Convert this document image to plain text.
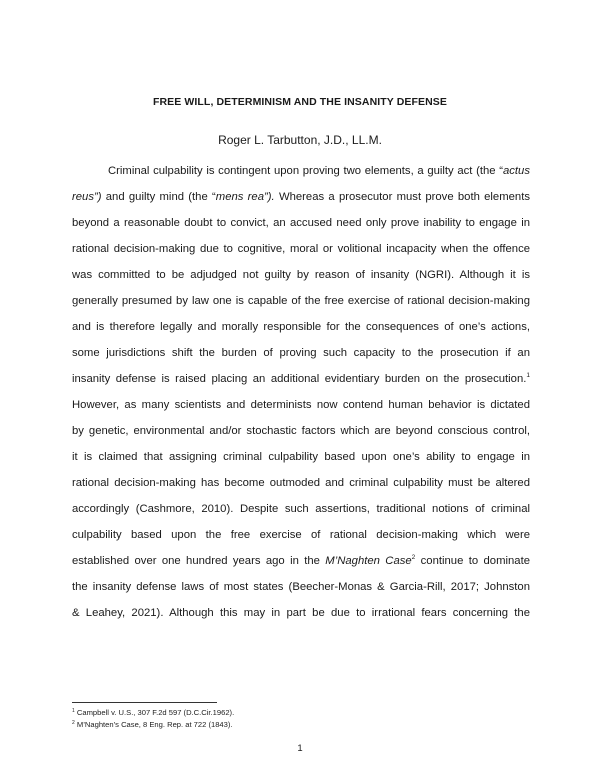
FREE WILL, DETERMINISM AND THE INSANITY DEFENSE
Roger L. Tarbutton, J.D., LL.M.
Criminal culpability is contingent upon proving two elements, a guilty act (the “actus
reus”) and guilty mind (the “mens rea”). Whereas a prosecutor must prove both elements
beyond a reasonable doubt to convict, an accused need only prove inability to engage in
rational decision-making due to cognitive, moral or volitional incapacity when the offence
was committed to be adjudged not guilty by reason of insanity (NGRI). Although it is
generally presumed by law one is capable of the free exercise of rational decision-making
and is therefore legally and morally responsible for the consequences of one’s actions,
some jurisdictions shift the burden of proving such capacity to the prosecution if an
insanity defense is raised placing an additional evidentiary burden on the prosecution.$^1$
However, as many scientists and determinists now contend human behavior is dictated
by genetic, environmental and/or stochastic factors which are beyond conscious control,
it is claimed that assigning criminal culpability based upon one’s ability to engage in
rational decision-making has become outmoded and criminal culpability must be altered
accordingly (Cashmore, 2010). Despite such assertions, traditional notions of criminal
culpability based upon the free exercise of rational decision-making which were
established over one hundred years ago in the M’Naghten Case$^2$ continue to dominate
the insanity defense laws of most states (Beecher-Monas & Garcia-Rill, 2017; Johnston
& Leahey, 2021). Although this may in part be due to irrational fears concerning the
$^1$ Campbell v. U.S., 307 F.2d 597 (D.C.Cir.1962).
$^2$ M’Naghten’s Case, 8 Eng. Rep. at 722 (1843).
1
